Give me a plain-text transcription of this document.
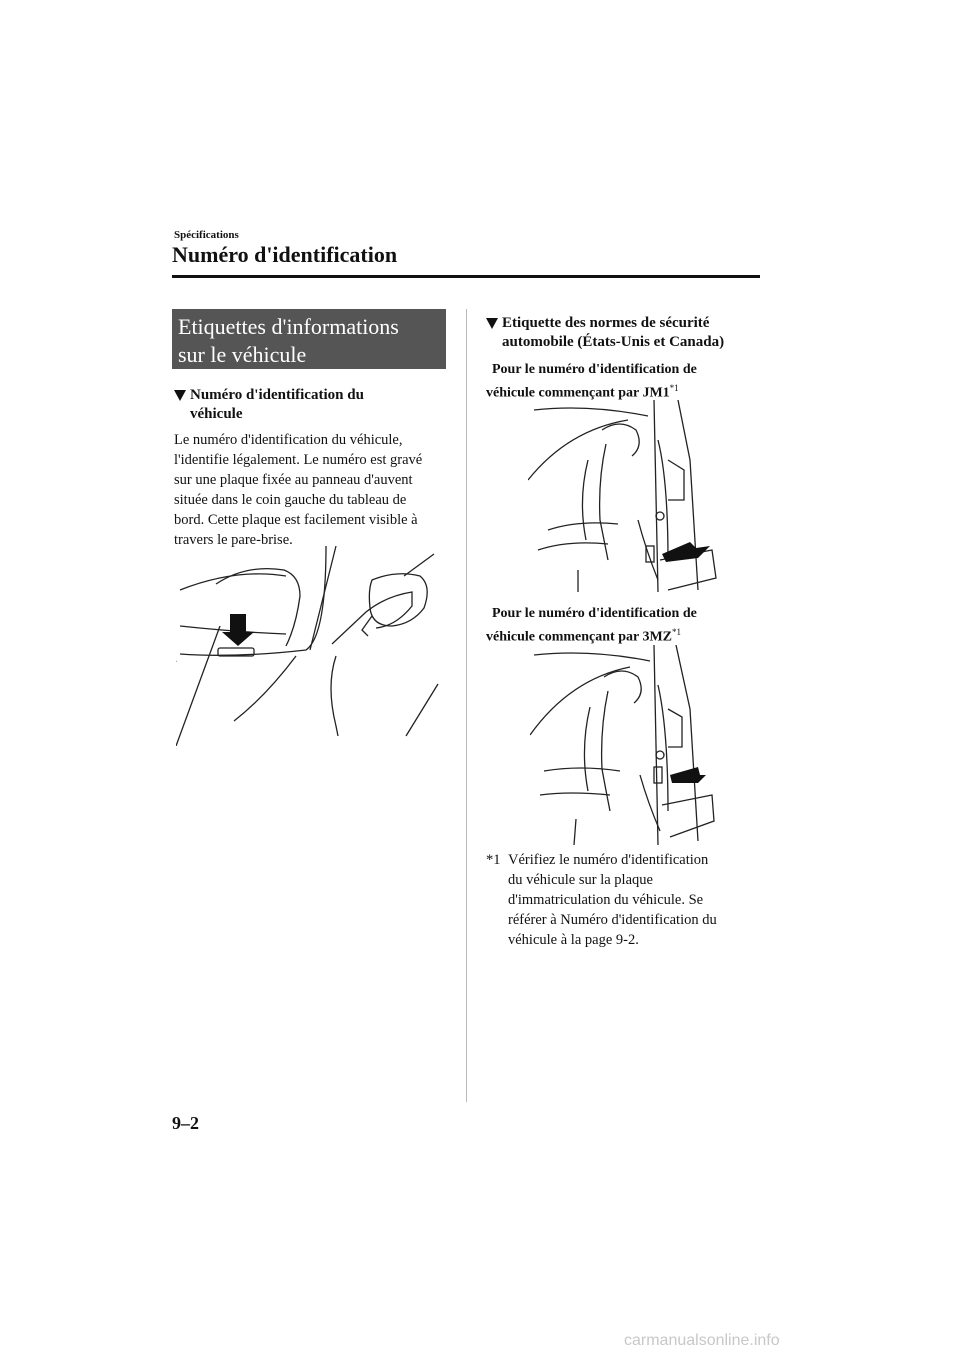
Spécifications
Numéro d'identification
Etiquettes d'informations
sur le véhicule
Numéro d'identification du
véhicule
Le numéro d'identification du véhicule,
l'identifie légalement. Le numéro est gravé
sur une plaque fixée au panneau d'auvent
située dans le coin gauche du tableau de
bord. Cette plaque est facilement visible à
travers le pare-brise.
Etiquette des normes de sécurité
automobile (États-Unis et Canada)
Pour le numéro d'identification de
véhicule commençant par JM1$^{*1}$
Pour le numéro d'identification de
véhicule commençant par 3MZ$^{*1}$
*1 Vérifiez le numéro d'identification
du véhicule sur la plaque
d'immatriculation du véhicule. Se
référer à Numéro d'identification du
véhicule à la page 9-2.
9–2
carmanualsonline.info
